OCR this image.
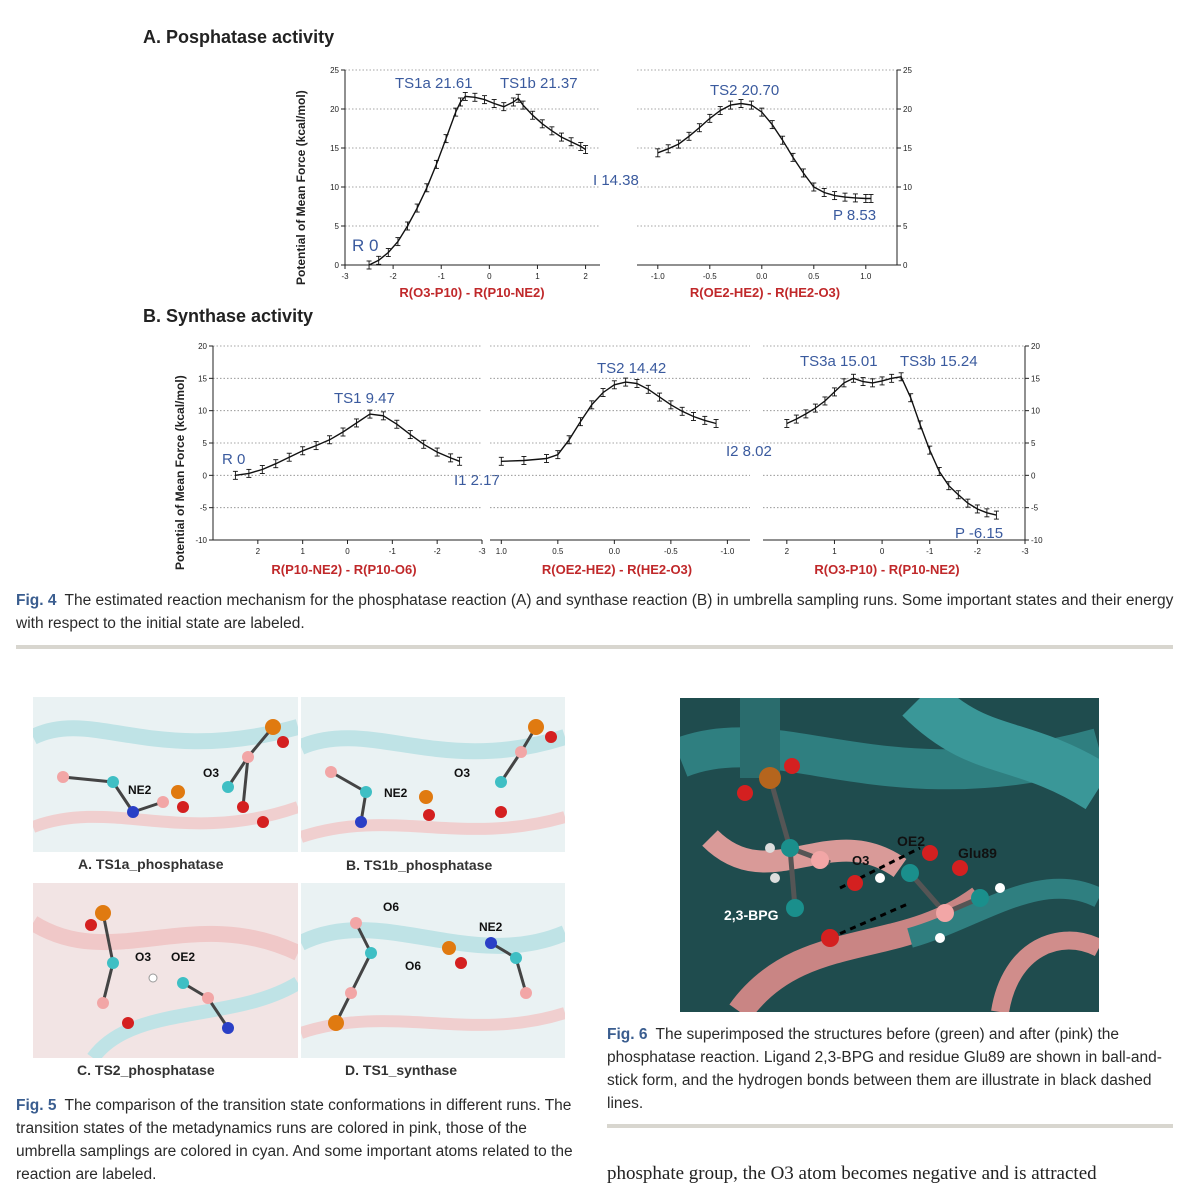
A. Posphatase activity
B. Synthase activity
Potential of Mean Force (kcal/mol)
Potential of Mean Force (kcal/mol)
R(O3-P10) - R(P10-NE2)	R(OE2-HE2) - R(HE2-O3)
R(P10-NE2) - R(P10-O6)	R(OE2-HE2) - R(HE2-O3)	R(O3-P10) - R(P10-NE2)
R 0
TS1a 21.61 TS1b 21.37
I 14.38
TS2 20.70
P 8.53
R 0
TS1 9.47
I1 2.17
TS2 14.42
I2 8.02
TS3a 15.01 TS3b 15.24
P -6.15
-3	-2	-1	0	1	2
0
5
10
15
20
25
-1.0	-0.5	0.0	0.5	1.0
0
5
10
15
20
25
2	1	0	-1	-2	-3
-10
-5
0
5
10
15
20
1.0	0.5	0.0	-0.5	-1.0	2	1	0	-1	-2	-3
-10
-5
0
5
10
15
20
Fig. 4 The estimated reaction mechanism for the phosphatase reaction (A) and synthase reaction (B) in umbrella sampling runs. Some important states and their energy with respect to the initial state are labeled.
NE2
O3
NE2
O3
O3 OE2
O6
O6
NE2
A. TS1a_phosphatase	B. TS1b_phosphatase
C. TS2_phosphatase	D. TS1_synthase
Fig. 5 The comparison of the transition state conformations in different runs. The transition states of the metadynamics runs are colored in pink, those of the umbrella samplings are colored in cyan. And some important atoms related to the reaction are labeled.
OE2
O3	Glu89
2,3-BPG
Fig. 6 The superimposed the structures before (green) and after (pink) the phosphatase reaction. Ligand 2,3-BPG and residue Glu89 are shown in ball-and-stick form, and the hydrogen bonds between them are illustrate in black dashed lines.
phosphate group, the O3 atom becomes negative and is attracted
